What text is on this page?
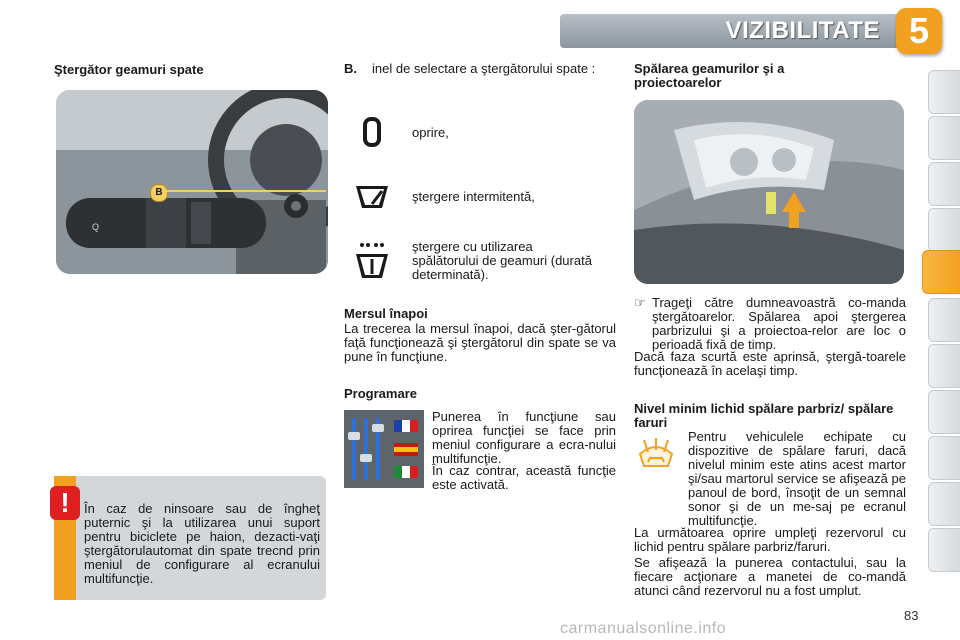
VIZIBILITATE 5
Ştergător geamuri spate
Q
B
!	În caz de ninsoare sau de îngheţ puternic şi la utilizarea unui suport pentru biciclete pe haion, dezacti-vaţi ştergătorulautomat din spate trecnd prin meniul de configurare al ecranului multifuncţie.
B.	inel de selectare a ştergătorului spate :
oprire,
ştergere intermitentă,
ştergere cu utilizarea spălătorului de geamuri (durată determinată).
Mersul înapoi
La trecerea la mersul înapoi, dacă şter-gătorul faţă funcţionează şi ştergătorul din spate se va pune în funcţiune.
Programare
Punerea în funcţiune sau oprirea funcţiei se face prin meniul configurare a ecra-nului multifuncţie.
În caz contrar, această funcţie este activată.
Spălarea geamurilor şi a proiectoarelor
☞ Trageţi către dumneavoastră co-manda ştergătoarelor. Spălarea apoi ştergerea parbrizului şi a proiectoa-relor are loc o perioadă fixă de timp.
Dacă faza scurtă este aprinsă, ştergă-toarele funcţionează în acelaşi timp.
Nivel minim lichid spălare parbriz/ spălare faruri
Pentru vehiculele echipate cu dispozitive de spălare faruri, dacă nivelul minim este atins acest martor şi/sau martorul service se afişează pe panoul de bord, însoţit de un semnal sonor şi de un me-saj pe ecranul multifuncţie.
La următoarea oprire umpleţi rezervorul cu lichid pentru spălare parbriz/faruri.
Se afişează la punerea contactului, sau la fiecare acţionare a manetei de co-mandă atunci când rezervorul nu a fost umplut.
83
carmanualsonline.info
